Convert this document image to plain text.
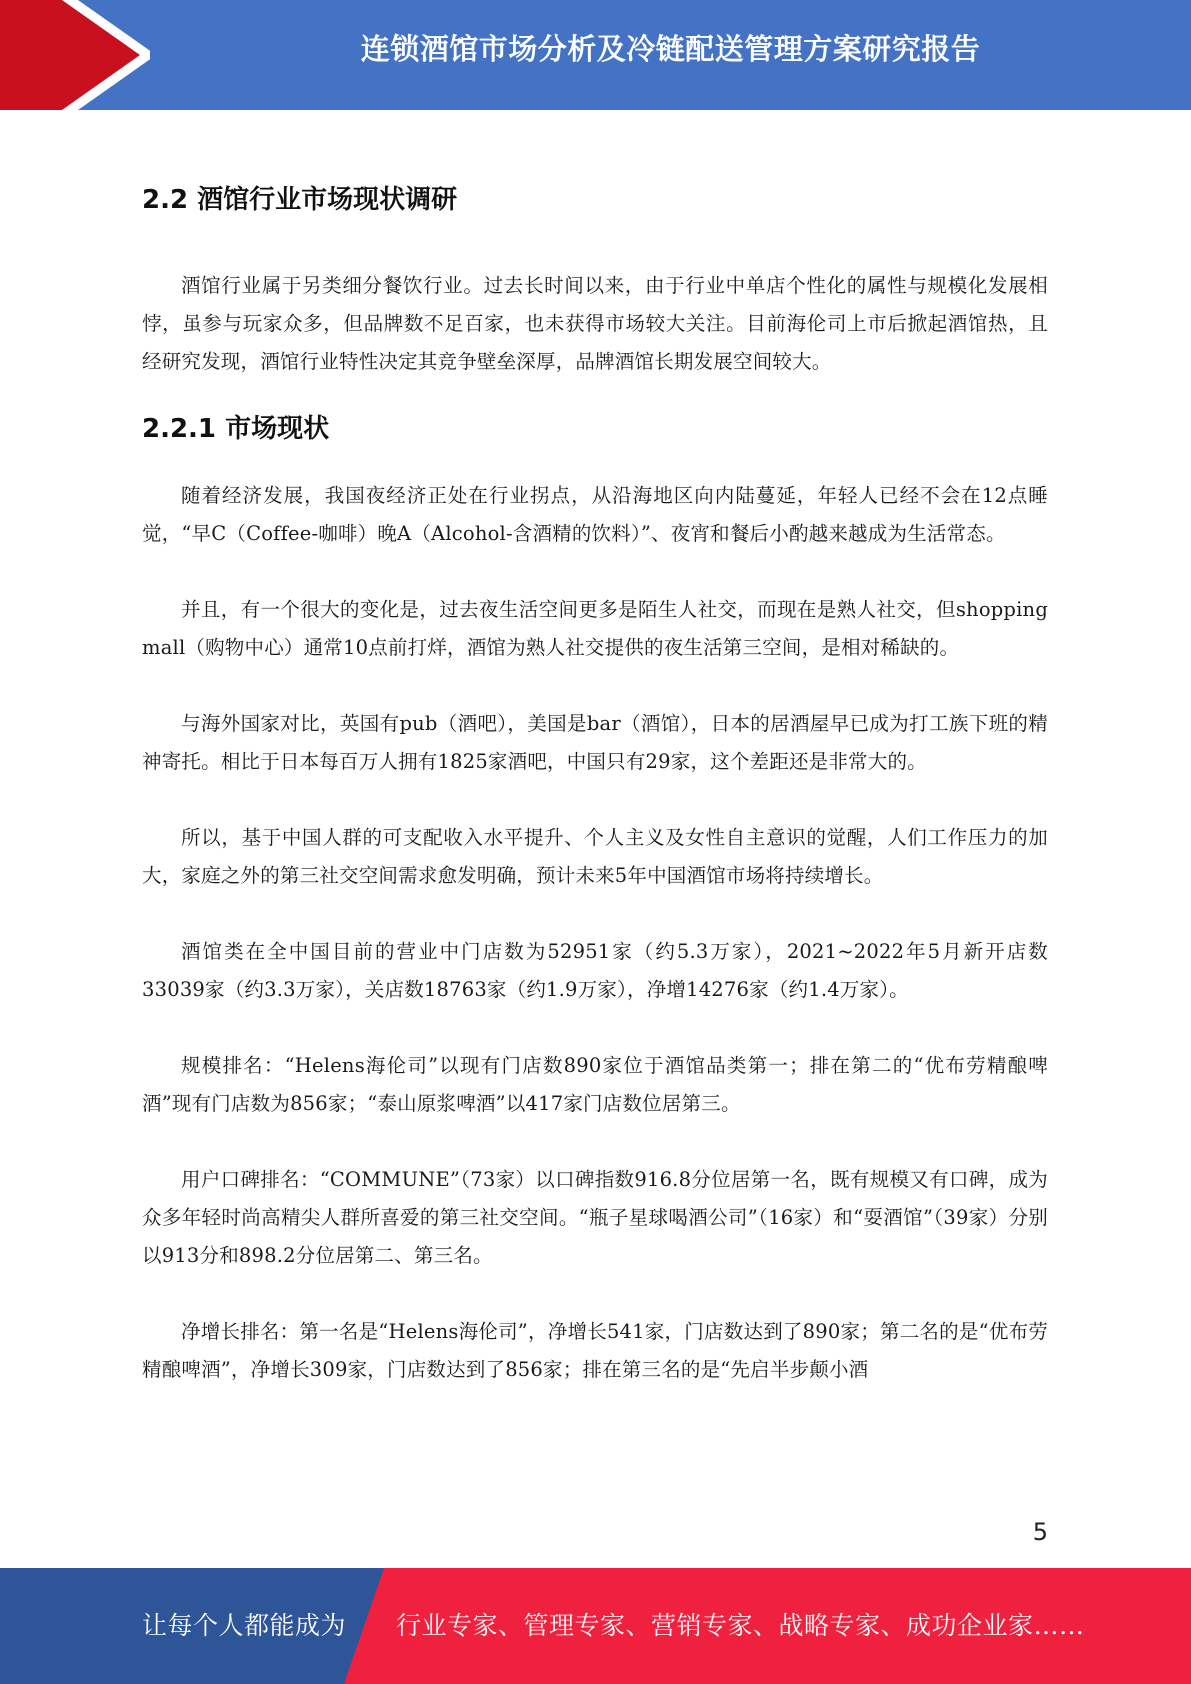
连锁酒馆市场分析及冷链配送管理方案研究报告
2.2 酒馆行业市场现状调研

酒馆行业属于另类细分餐饮行业。过去长时间以来，由于行业中单店个性化的属性与规模化发展相悖，虽参与玩家众多，但品牌数不足百家，也未获得市场较大关注。目前海伦司上市后掀起酒馆热，且经研究发现，酒馆行业特性决定其竞争壁垒深厚，品牌酒馆长期发展空间较大。

2.2.1 市场现状

随着经济发展，我国夜经济正处在行业拐点，从沿海地区向内陆蔓延，年轻人已经不会在12点睡觉，“早C（Coffee-咖啡）晚A（Alcohol-含酒精的饮料）”、夜宵和餐后小酌越来越成为生活常态。

并且，有一个很大的变化是，过去夜生活空间更多是陌生人社交，而现在是熟人社交，但shopping mall（购物中心）通常10点前打烊，酒馆为熟人社交提供的夜生活第三空间，是相对稀缺的。

与海外国家对比，英国有pub（酒吧），美国是bar（酒馆），日本的居酒屋早已成为打工族下班的精神寄托。相比于日本每百万人拥有1825家酒吧，中国只有29家，这个差距还是非常大的。

所以，基于中国人群的可支配收入水平提升、个人主义及女性自主意识的觉醒，人们工作压力的加大，家庭之外的第三社交空间需求愈发明确，预计未来5年中国酒馆市场将持续增长。

酒馆类在全中国目前的营业中门店数为52951家（约5.3万家），2021~2022年5月新开店数33039家（约3.3万家），关店数18763家（约1.9万家），净增14276家（约1.4万家）。

规模排名：“Helens海伦司”以现有门店数890家位于酒馆品类第一；排在第二的“优布劳精酿啤酒”现有门店数为856家；“泰山原浆啤酒”以417家门店数位居第三。

用户口碑排名：“COMMUNE”（73家）以口碑指数916.8分位居第一名，既有规模又有口碑，成为众多年轻时尚高精尖人群所喜爱的第三社交空间。“瓶子星球喝酒公司”（16家）和“耍酒馆”（39家）分别以913分和898.2分位居第二、第三名。

净增长排名：第一名是“Helens海伦司”，净增长541家，门店数达到了890家；第二名的是“优布劳精酿啤酒”，净增长309家，门店数达到了856家；排在第三名的是“先启半步颠小酒

5
让每个人都能成为 行业专家、管理专家、营销专家、战略专家、成功企业家……
